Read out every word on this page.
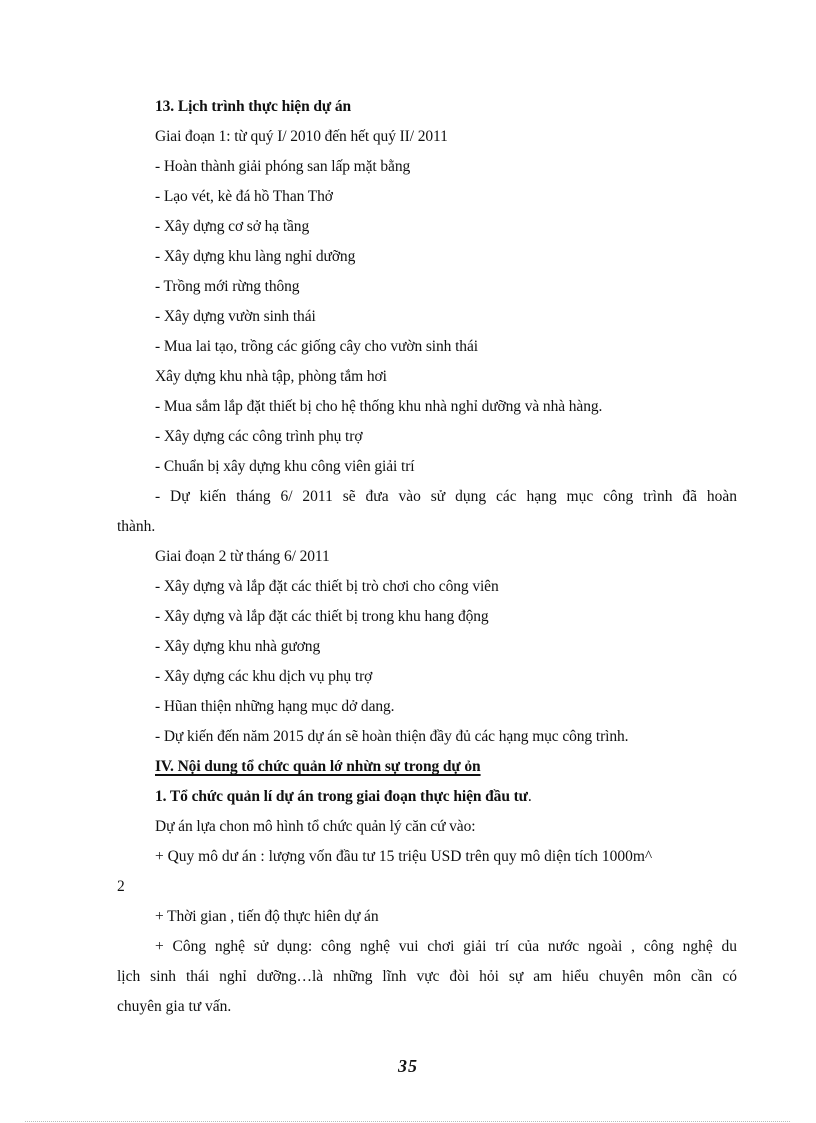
13. Lịch trình thực hiện dự án
Giai đoạn 1: từ quý I/ 2010 đến hết quý II/ 2011
- Hoàn thành giải phóng san lấp mặt bằng
- Lạo vét, kè đá hồ Than Thở
- Xây dựng cơ sở hạ tầng
- Xây dựng khu làng nghỉ dưỡng
- Trồng mới rừng thông
- Xây dựng vườn sinh thái
- Mua lai tạo, trồng các giống cây cho vườn sinh thái
Xây dựng khu nhà tập, phòng tắm hơi
- Mua sắm lắp đặt thiết bị cho hệ thống khu nhà nghỉ dưỡng và nhà hàng.
- Xây dựng các công trình phụ trợ
- Chuẩn bị xây dựng khu công viên giải trí
- Dự kiến tháng 6/ 2011 sẽ đưa vào sử dụng các hạng mục công trình đã hoàn
thành.
Giai đoạn 2 từ tháng 6/ 2011
- Xây dựng và lắp đặt các thiết bị trò chơi cho công viên
- Xây dựng và lắp đặt các thiết bị trong khu hang động
- Xây dựng khu nhà gương
- Xây dựng các khu dịch vụ phụ trợ
- Hũan thiện những hạng mục dở dang.
- Dự kiến đến năm 2015 dự án sẽ hoàn thiện đầy đủ các hạng mục công trình.
IV. Nội dung tổ chức quản lớ nhừn sự trong dự ỏn
1. Tổ chức quản lí dự án trong giai đoạn thực hiện đầu tư.
Dự án lựa chon mô hình tổ chức quản lý căn cứ vào:
+ Quy mô dư án : lượng vốn đầu tư 15 triệu USD trên quy mô diện tích 1000m^
2
+ Thời gian , tiến độ thực hiên dự án
+ Công nghệ sử dụng: công nghệ vui chơi giải trí của nước ngoài , công nghệ du
lịch sinh thái nghỉ dưỡng…là những lĩnh vực đòi hỏi sự am hiểu chuyên môn cần có
chuyên gia tư vấn.
35
